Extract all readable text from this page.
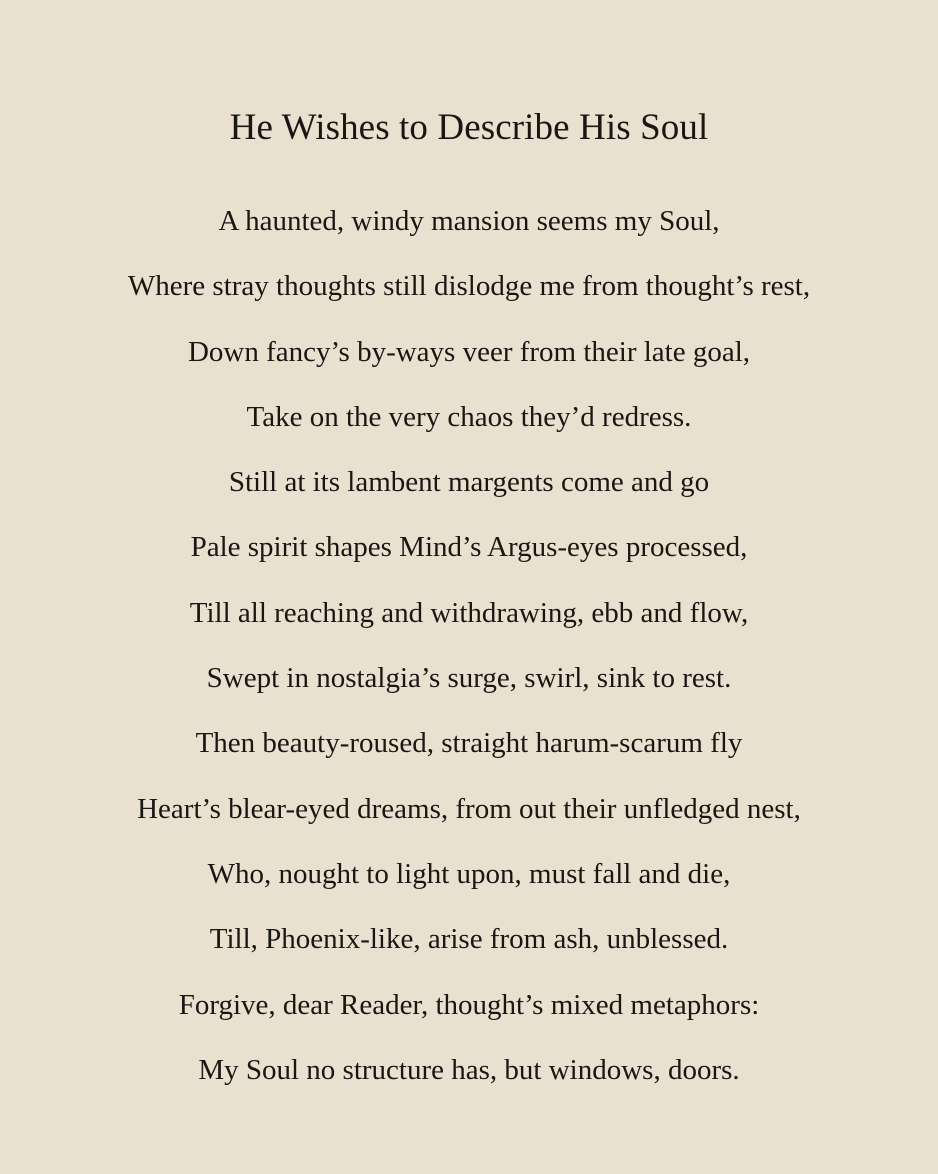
He Wishes to Describe His Soul
A haunted, windy mansion seems my Soul,
Where stray thoughts still dislodge me from thought’s rest,
Down fancy’s by-ways veer from their late goal,
Take on the very chaos they’d redress.
Still at its lambent margents come and go
Pale spirit shapes Mind’s Argus-eyes processed,
Till all reaching and withdrawing, ebb and flow,
Swept in nostalgia’s surge, swirl, sink to rest.
Then beauty-roused, straight harum-scarum fly
Heart’s blear-eyed dreams, from out their unfledged nest,
Who, nought to light upon, must fall and die,
Till, Phoenix-like, arise from ash, unblessed.
Forgive, dear Reader, thought’s mixed metaphors:
My Soul no structure has, but windows, doors.
